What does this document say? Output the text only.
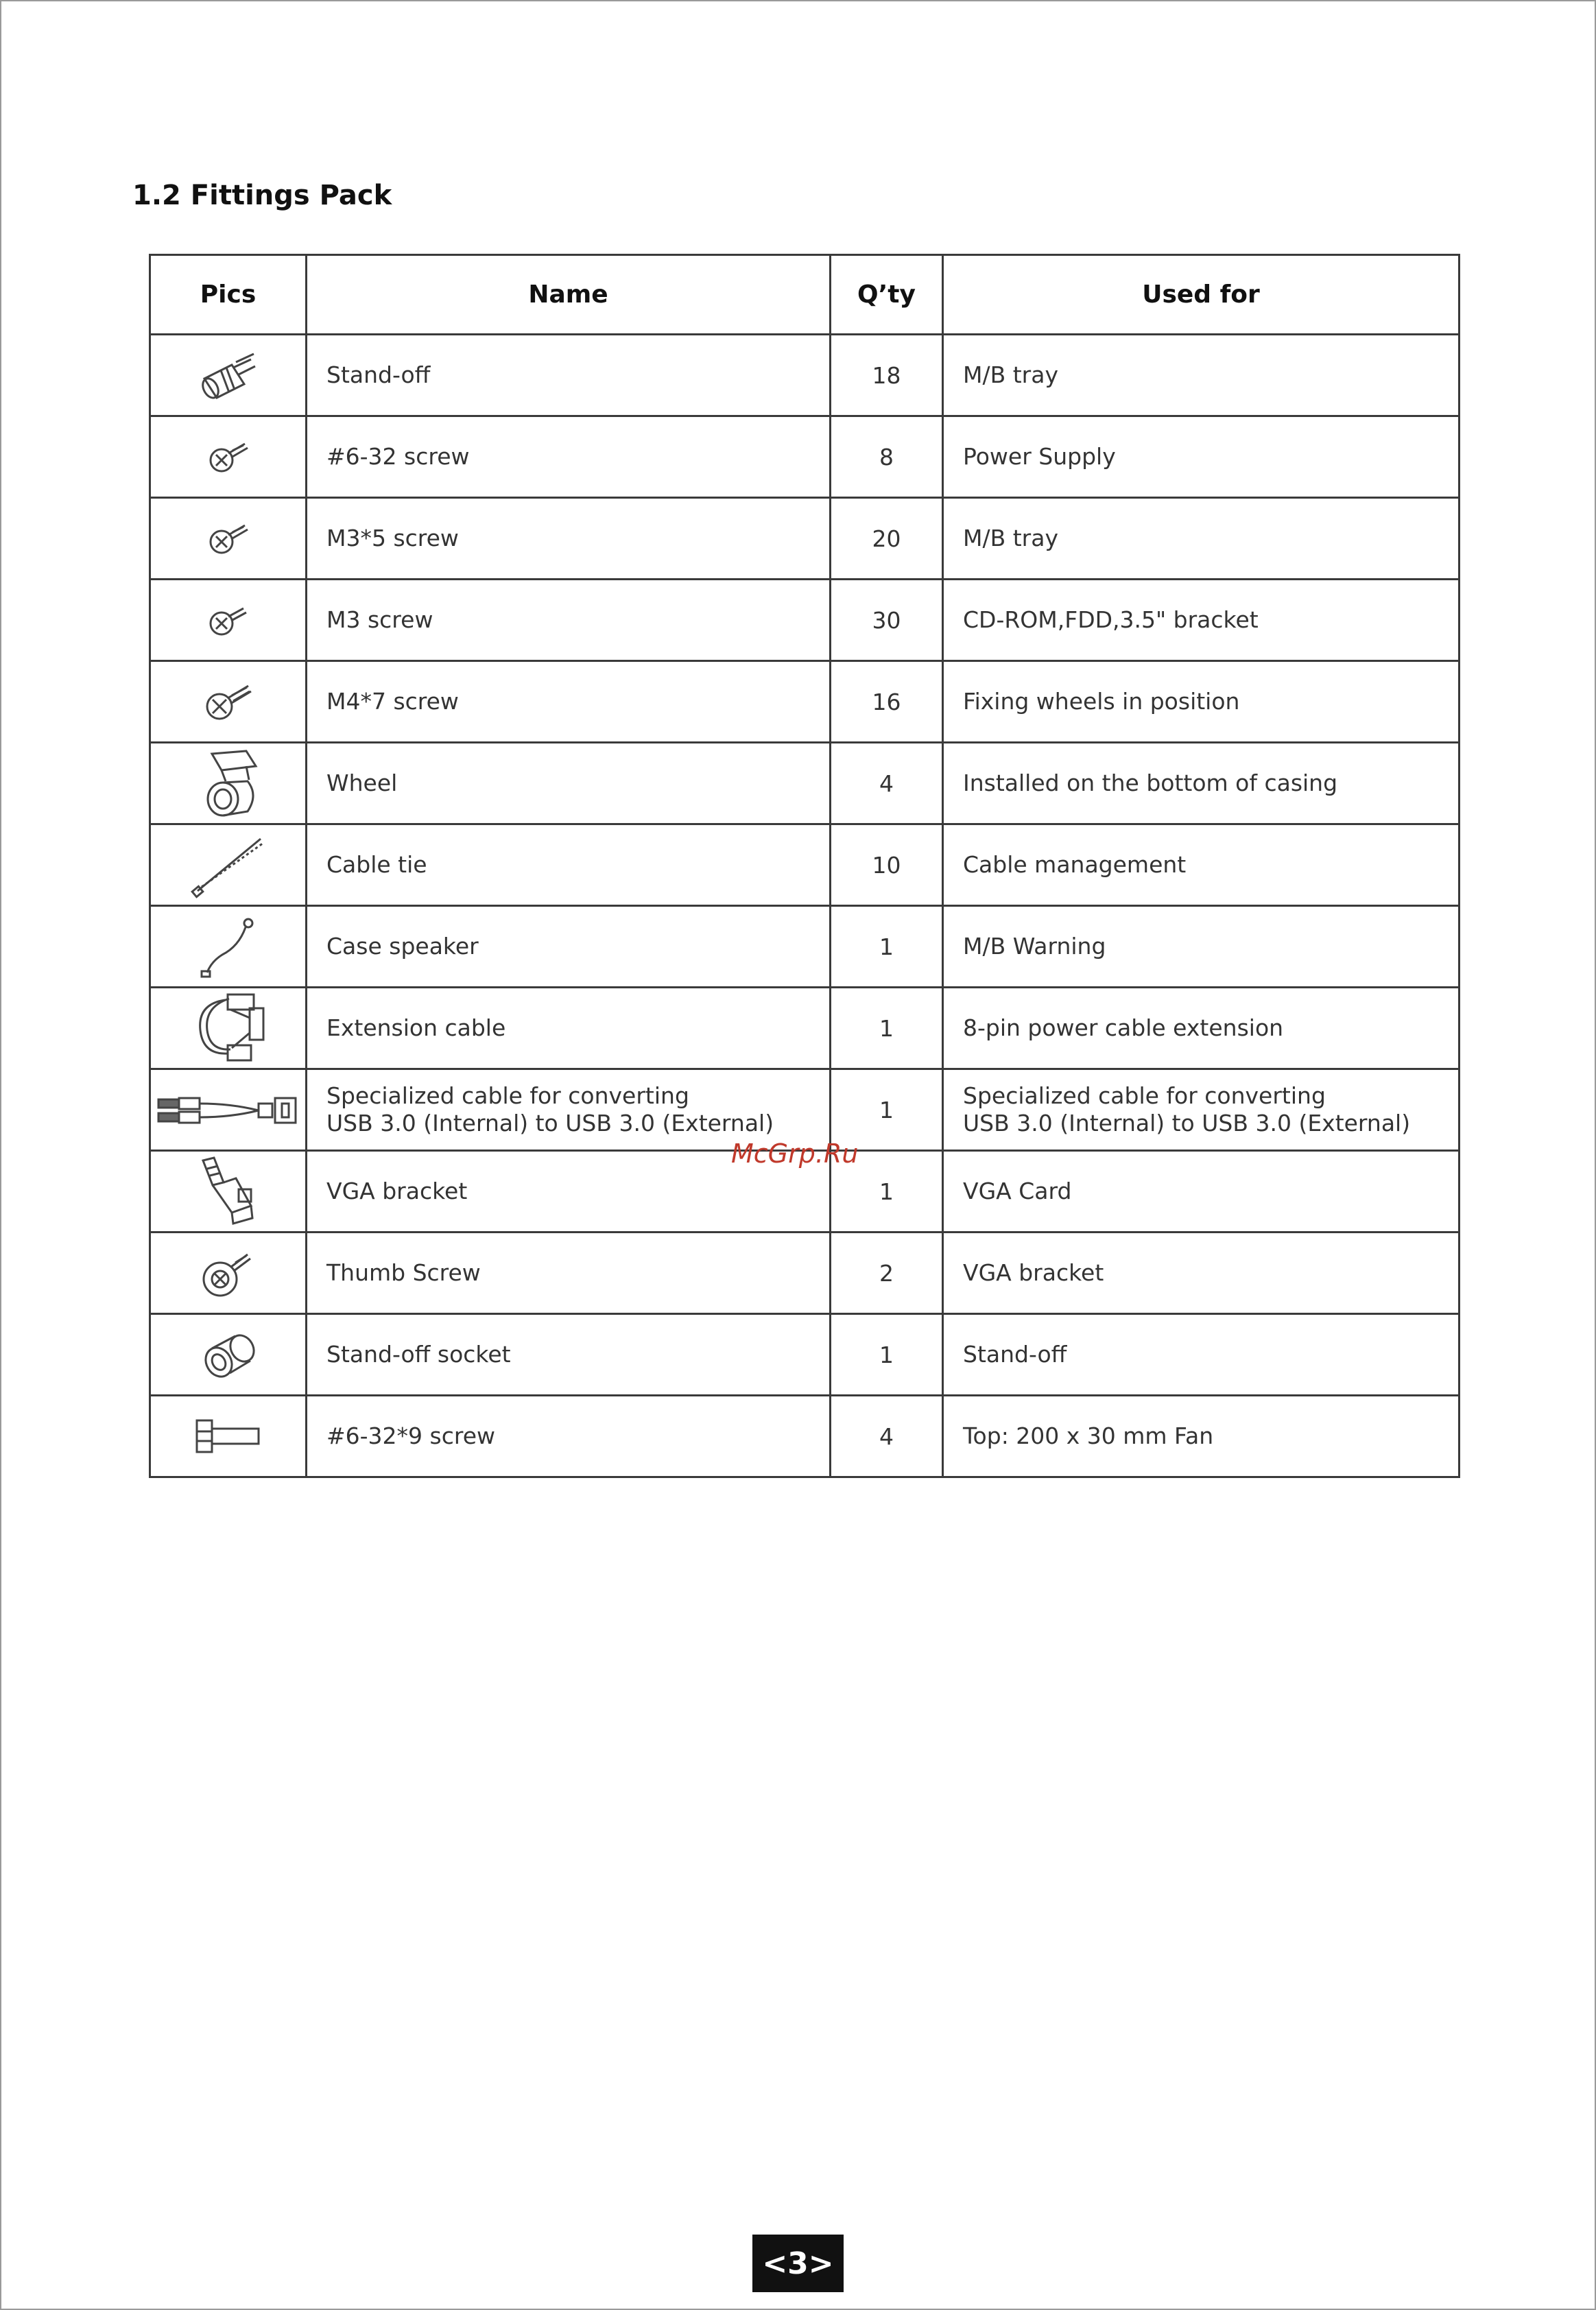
1.2 Fittings Pack
Pics	Name	Q’ty	Used for

	Stand-off	18	M/B tray

	#6-32 screw	8	Power Supply

	M3*5 screw	20	M/B tray

	M3 screw	30	CD-ROM,FDD,3.5" bracket

	M4*7 screw	16	Fixing wheels in position

	Wheel	4	Installed on the bottom of casing

	Cable tie	10	Cable management

	Case speaker	1	M/B Warning

	Extension cable	1	8-pin power cable extension

	Specialized cable for converting
USB 3.0 (Internal) to USB 3.0 (External)	1	Specialized cable for converting
USB 3.0 (Internal) to USB 3.0 (External)

	VGA bracket	1	VGA Card

	Thumb Screw	2	VGA bracket

	Stand-off socket	1	Stand-off

	#6-32*9 screw	4	Top: 200 x 30 mm Fan
McGrp.Ru
<3>
